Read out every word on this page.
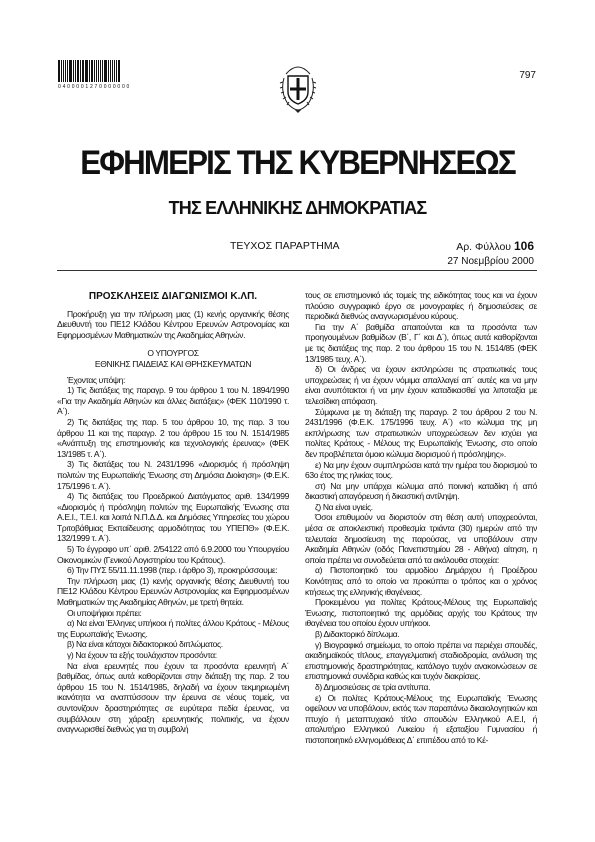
0 4 0 0 0 0 1 2 7 0 0 0 0 0 0 0
797
ΕΦΗΜΕΡΙΣ ΤΗΣ ΚΥΒΕΡΝΗΣΕΩΣ
ΤΗΣ ΕΛΛΗΝΙΚΗΣ ΔΗΜΟΚΡΑΤΙΑΣ
ΤΕΥΧΟΣ ΠΑΡΑΡΤΗΜΑ	Αρ. Φύλλου 106
27 Νοεμβρίου 2000

ΠΡΟΣΚΛΗΣΕΙΣ ΔΙΑΓΩΝΙΣΜΟΙ Κ.ΛΠ.

Προκήρυξη για την πλήρωση μιας (1) κενής οργανικής θέσης Διευθυντή του ΠΕ12 Κλάδου Κέντρου Ερευνών Αστρονομίας και Εφηρμοσμένων Μαθηματικών της Ακαδημίας Αθηνών.

Ο ΥΠΟΥΡΓΟΣ

ΕΘΝΙΚΗΣ ΠΑΙΔΕΙΑΣ ΚΑΙ ΘΡΗΣΚΕΥΜΑΤΩΝ

Έχοντας υπόψη:

1) Τις διατάξεις της παραγρ. 9 του άρθρου 1 του Ν. 1894/1990 «Για την Ακαδημία Αθηνών και άλλες διατάξεις» (ΦΕΚ 110/1990 τ. Α΄).

2) Τις διατάξεις της παρ. 5 του άρθρου 10, της παρ. 3 του άρθρου 11 και της παραγρ. 2 του άρθρου 15 του Ν. 1514/1985 «Ανάπτυξη της επιστημονικής και τεχνολογικής έρευνας» (ΦΕΚ 13/1985 τ. Α΄).

3) Τις διατάξεις του Ν. 2431/1996 «Διορισμός ή πρόσληψη πολιτών της Ευρωπαϊκής Ένωσης στη Δημόσια Διοίκηση» (Φ.Ε.Κ. 175/1996 τ. Α΄).

4) Τις διατάξεις του Προεδρικού Διατάγματος αριθ. 134/1999 «Διορισμός ή πρόσληψη πολιτών της Ευρωπαϊκής Ένωσης στα Α.Ε.Ι., Τ.Ε.Ι. και λοιπά Ν.Π.Δ.Δ. και Δημόσιες Υπηρεσίες του χώρου Τριτοβάθμιας Εκπαίδευσης αρμοδιότητας του ΥΠΕΠΘ» (Φ.Ε.Κ. 132/1999 τ. Α΄).

5) Το έγγραφο υπ΄ αριθ. 2/54122 από 6.9.2000 του Υπουργείου Οικονομικών (Γενικού Λογιστηρίου του Κράτους).

6) Την ΠΥΣ 55/11.11.1998 (περ. ι άρθρο 3), προκηρύσσουμε:

Την πλήρωση μιας (1) κενής οργανικής θέσης Διευθυντή του ΠΕ12 Κλάδου Κέντρου Ερευνών Αστρονομίας και Εφηρμοσμένων Μαθηματικών της Ακαδημίας Αθηνών, με τρετή θητεία.

Οι υποψήφιοι πρέπει:

α) Να είναι Έλληνες υπήκοοι ή πολίτες άλλου Κράτους - Μέλους της Ευρωπαϊκής Ένωσης.

β) Να είναι κάτοχοι διδακτορικού διπλώματος.

γ) Να έχουν τα εξής τουλάχιστον προσόντα:

Να είναι ερευνητές που έχουν τα προσόντα ερευνητή Α΄ βαθμίδας, όπως αυτά καθορίζονται στην διάταξη της παρ. 2 του άρθρου 15 του Ν. 1514/1985, δηλαδή να έχουν τεκμηριωμένη ικανότητα να αναπτύσσουν την έρευνα σε νέους τομείς, να συντονίζουν δραστηριότητες σε ευρύτερα πεδία έρευνας, να συμβάλλουν στη χάραξη ερευνητικής πολιτικής, να έχουν αναγνωρισθεί διεθνώς για τη συμβολή

τους σε επιστημονικό ιάς τομείς της ειδικότητας τους και να έχουν πλούσιο συγγραφικό έργο σε μονογραφίες ή δημοσιεύσεις σε περιοδικά διεθνώς αναγνωρισμένου κύρους.

Για την Α΄ βαθμίδα απαιτούνται και τα προσόντα των προηγουμένων βαθμίδων (Β΄, Γ΄ και Δ΄), όπως αυτά καθορίζονται με τις διατάξεις της παρ. 2 του άρθρου 15 του Ν. 1514/85 (ΦΕΚ 13/1985 τευχ. Α΄).

δ) Οι άνδρες να έχουν εκπληρώσει τις στρατιωτικές τους υποχρεώσεις ή να έχουν νόμιμα απαλλαγεί απ΄ αυτές και να μην είναι ανυπότακτοι ή να μην έχουν καταδικασθεί για λιποταξία με τελεσίδικη απόφαση.

Σύμφωνα με τη διάταξη της παραγρ. 2 του άρθρου 2 του Ν. 2431/1996 (Φ.Ε.Κ. 175/1996 τευχ. Α΄) «το κώλυμα της μη εκπλήρωσης των στρατιωτικών υποχρεώσεων δεν ισχύει για πολίτες Κράτους - Μέλους της Ευρωπαϊκής Ένωσης, στο οποίο δεν προβλέπεται όμοιο κώλυμα διορισμού ή πρόσληψης».

ε) Να μην έχουν συμπληρώσει κατά την ημέρα του διορισμού το 63ο έτος της ηλικίας τους.

στ) Να μην υπάρχει κώλυμα από ποινική καταδίκη ή από δικαστική απαγόρευση ή δικαστική αντίληψη.

ζ) Να είναι υγιείς.

Όσοι επιθυμούν να διοριστούν στη θέση αυτή υποχρεούνται, μέσα σε αποκλειστική προθεσμία τριάντα (30) ημερών από την τελευταία δημοσίευση της παρούσας, να υποβάλουν στην Ακαδημία Αθηνών (οδός Πανεπιστημίου 28 - Αθήνα) αίτηση, η οποία πρέπει να συνοδεύεται από τα ακόλουθα στοιχεία:

α) Πιστοποιητικό του αρμοδίου Δημάρχου ή Προέδρου Κοινότητας από το οποίο να προκύπτει ο τρόπος και ο χρόνος κτήσεως της ελληνικής ιθαγένειας.

Προκειμένου για πολίτες Κράτους-Μέλους της Ευρωπαϊκής Ένωσης, πιστοποιητικό της αρμόδιας αρχής του Κράτους την ιθαγένεια του οποίου έχουν υπήκοοι.

β) Διδακτορικό δίπλωμα.

γ) Βιογραφικό σημείωμα, το οποίο πρέπει να περιέχει σπουδές, ακαδημαϊκούς τίτλους, επαγγελματική σταδιοδρομία, ανάλυση της επιστημονικής δραστηριότητας, κατάλογο τυχόν ανακοινώσεων σε επιστημονικά συνέδρια καθώς και τυχόν διακρίσεις.

δ) Δημοσιεύσεις σε τρία αντίτυπα.

ε) Οι πολίτες Κράτους-Μέλους της Ευρωπαϊκής Ένωσης οφείλουν να υποβάλουν, εκτός των παραπάνω δικαιολογητικών και πτυχίο ή μεταπτυχιακό τίτλο σπουδών Ελληνικού Α.Ε.Ι, ή απολυτήριο Ελληνικού Λυκείου ή εξαταξίου Γυμνασίου ή πιστοποιητικό ελληνομάθειας Δ΄ επιπέδου από το Κέ-
